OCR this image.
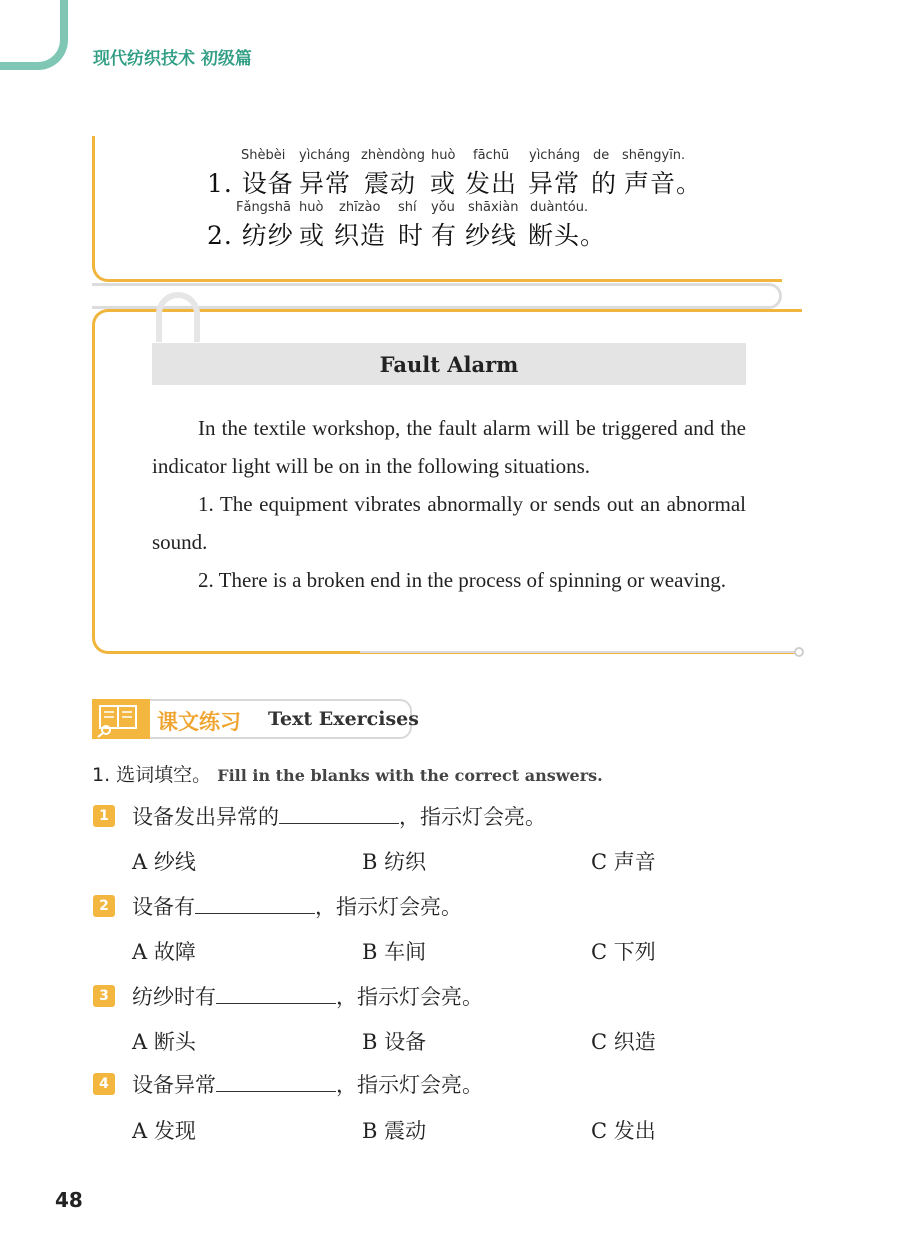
现代纺织技术 初级篇
Shèbèi yìcháng zhèndòng huò fāchū yìcháng de shēngyīn.
1. 设备 异常 震动 或 发出 异常 的 声音。
Fǎngshā huò zhīzào shí yǒu shāxiàn duàntóu.
2. 纺纱 或 织造 时 有 纱线 断头。
Fault Alarm

In the textile workshop, the fault alarm will be triggered and the indicator light will be on in the following situations.

1. The equipment vibrates abnormally or sends out an abnormal sound.

2. There is a broken end in the process of spinning or weaving.

课文练习 Text Exercises
1. 选词填空。 Fill in the blanks with the correct answers.
1 设备发出异常的	，指示灯会亮。
A 纱线	B 纺织	C 声音
2 设备有	，指示灯会亮。
A 故障	B 车间	C 下列
3 纺纱时有	，指示灯会亮。
A 断头	B 设备	C 织造
4 设备异常	，指示灯会亮。
A 发现	B 震动	C 发出
48
